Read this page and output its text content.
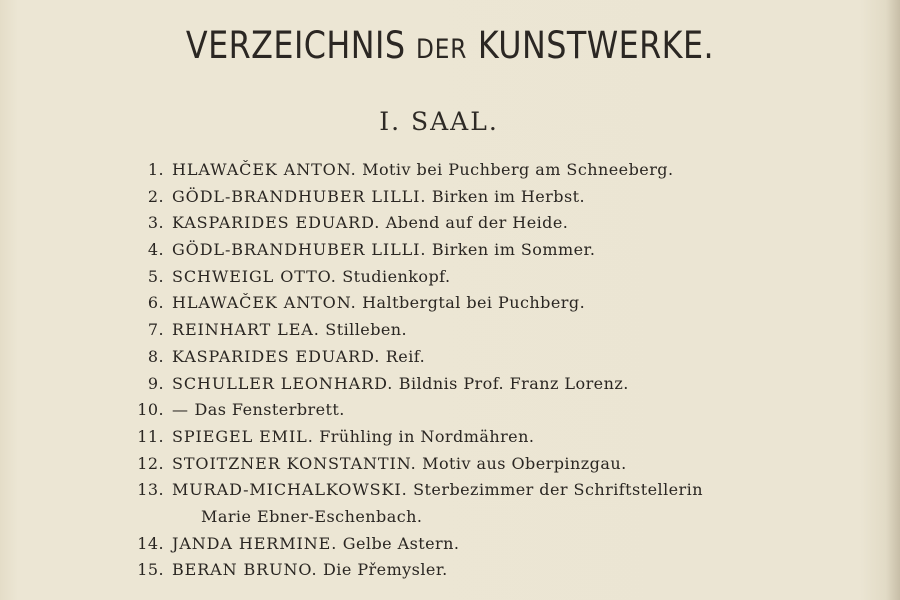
VERZEICHNIS DER KUNSTWERKE.
I. SAAL.
1. HLAWAČEK ANTON. Motiv bei Puchberg am Schneeberg.
2. GÖDL-BRANDHUBER LILLI. Birken im Herbst.
3. KASPARIDES EDUARD. Abend auf der Heide.
4. GÖDL-BRANDHUBER LILLI. Birken im Sommer.
5. SCHWEIGL OTTO. Studienkopf.
6. HLAWAČEK ANTON. Haltbergtal bei Puchberg.
7. REINHART LEA. Stilleben.
8. KASPARIDES EDUARD. Reif.
9. SCHULLER LEONHARD. Bildnis Prof. Franz Lorenz.
10. — Das Fensterbrett.
11. SPIEGEL EMIL. Frühling in Nordmähren.
12. STOITZNER KONSTANTIN. Motiv aus Oberpinzgau.
13. MURAD-MICHALKOWSKI. Sterbezimmer der Schriftstellerin
Marie Ebner-Eschenbach.
14. JANDA HERMINE. Gelbe Astern.
15. BERAN BRUNO. Die Přemysler.
